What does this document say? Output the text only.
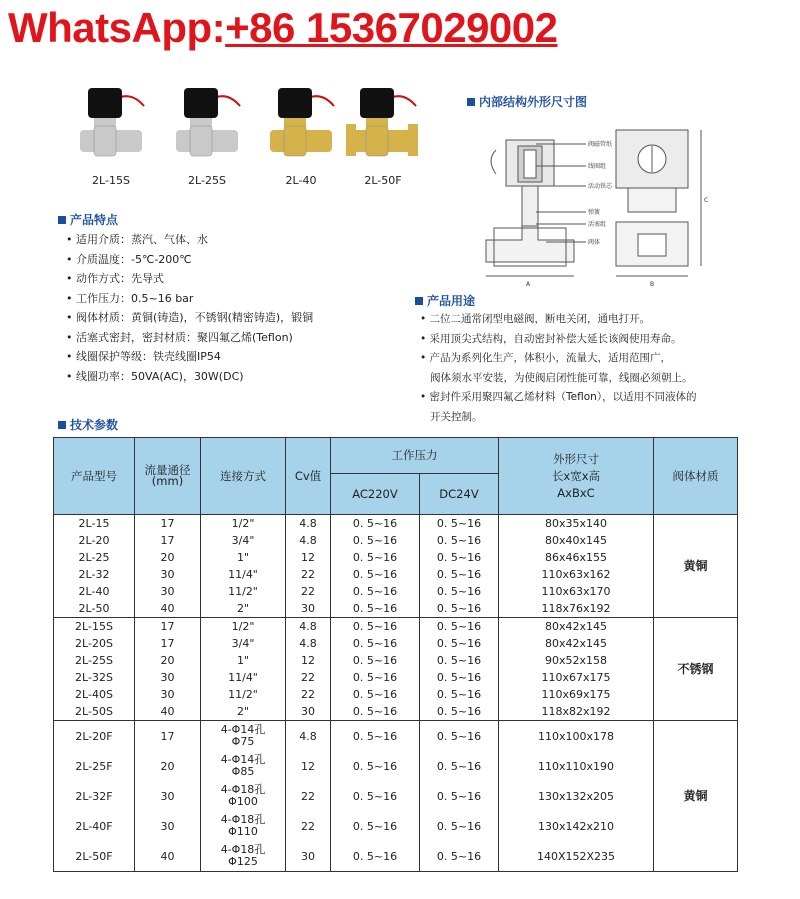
WhatsApp:+86 15367029002
2L-15S	2L-25S	2L-40	2L-50F
内部结构外形尺寸图
阀磁管纸
线圈组
活动铁芯
弹簧
活塞组
阀体
A	B
C
产品特点
• 适用介质：蒸汽、气体、水
• 介质温度：-5℃-200℃
• 动作方式：先导式
• 工作压力：0.5~16 bar
• 阀体材质：黄铜(铸造)，不锈钢(精密铸造)，锻铜
• 活塞式密封，密封材质：聚四氟乙烯(Teflon)
• 线圈保护等级：铁壳线圈IP54
• 线圈功率：50VA(AC)，30W(DC)
产品用途
• 二位二通常闭型电磁阀，断电关闭，通电打开。
• 采用顶尖式结构，自动密封补偿大延长该阀使用寿命。
• 产品为系列化生产，体积小，流量大，适用范围广，
阀体须水平安装，为使阀启闭性能可靠，线圈必须朝上。
• 密封件采用聚四氟乙烯材料（Teflon），以适用不同液体的
开关控制。
技术参数
产品型号	流量通径 (mm)	连接方式	Cv值	工作压力		外形尺寸
长x宽x高
AxBxC	阀体材质
				AC220V	DC24V		
2L-15	17	1/2"	4.8	0. 5~16	0. 5~16	80x35x140	黄铜
2L-20	17	3/4"	4.8	0. 5~16	0. 5~16	80x40x145	
2L-25	20	1"	12	0. 5~16	0. 5~16	86x46x155	
2L-32	30	11/4"	22	0. 5~16	0. 5~16	110x63x162	
2L-40	30	11/2"	22	0. 5~16	0. 5~16	110x63x170	
2L-50	40	2"	30	0. 5~16	0. 5~16	118x76x192	
2L-15S	17	1/2"	4.8	0. 5~16	0. 5~16	80x42x145	不锈钢
2L-20S	17	3/4"	4.8	0. 5~16	0. 5~16	80x42x145	
2L-25S	20	1"	12	0. 5~16	0. 5~16	90x52x158	
2L-32S	30	11/4"	22	0. 5~16	0. 5~16	110x67x175	
2L-40S	30	11/2"	22	0. 5~16	0. 5~16	110x69x175	
2L-50S	40	2"	30	0. 5~16	0. 5~16	118x82x192	
2L-20F	17	4-Φ14孔
Φ75	4.8	0. 5~16	0. 5~16	110x100x178	黄铜
2L-25F	20	4-Φ14孔
Φ85	12	0. 5~16	0. 5~16	110x110x190	
2L-32F	30	4-Φ18孔
Φ100	22	0. 5~16	0. 5~16	130x132x205	
2L-40F	30	4-Φ18孔
Φ110	22	0. 5~16	0. 5~16	130x142x210	
2L-50F	40	4-Φ18孔
Φ125	30	0. 5~16	0. 5~16	140X152X235	
